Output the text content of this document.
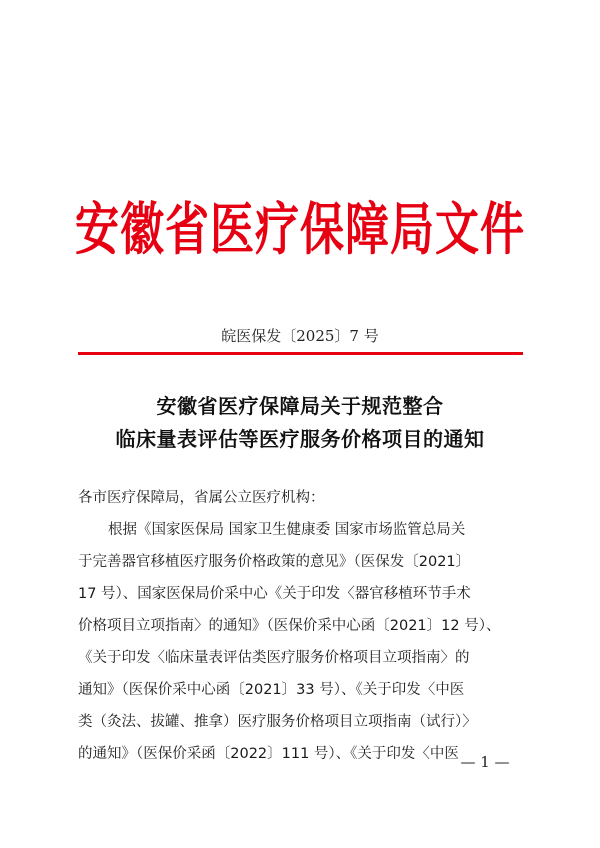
安徽省医疗保障局文件
皖医保发〔2025〕7 号
安徽省医疗保障局关于规范整合
临床量表评估等医疗服务价格项目的通知
各市医疗保障局，省属公立医疗机构：
根据《国家医保局 国家卫生健康委 国家市场监管总局关
于完善器官移植医疗服务价格政策的意见》（医保发〔2021〕
17 号）、国家医保局价采中心《关于印发〈器官移植环节手术
价格项目立项指南〉的通知》（医保价采中心函〔2021〕12 号）、
《关于印发〈临床量表评估类医疗服务价格项目立项指南〉的
通知》（医保价采中心函〔2021〕33 号）、《关于印发〈中医
类（灸法、拔罐、推拿）医疗服务价格项目立项指南（试行）〉
的通知》（医保价采函〔2022〕111 号）、《关于印发〈中医 — 1 —
